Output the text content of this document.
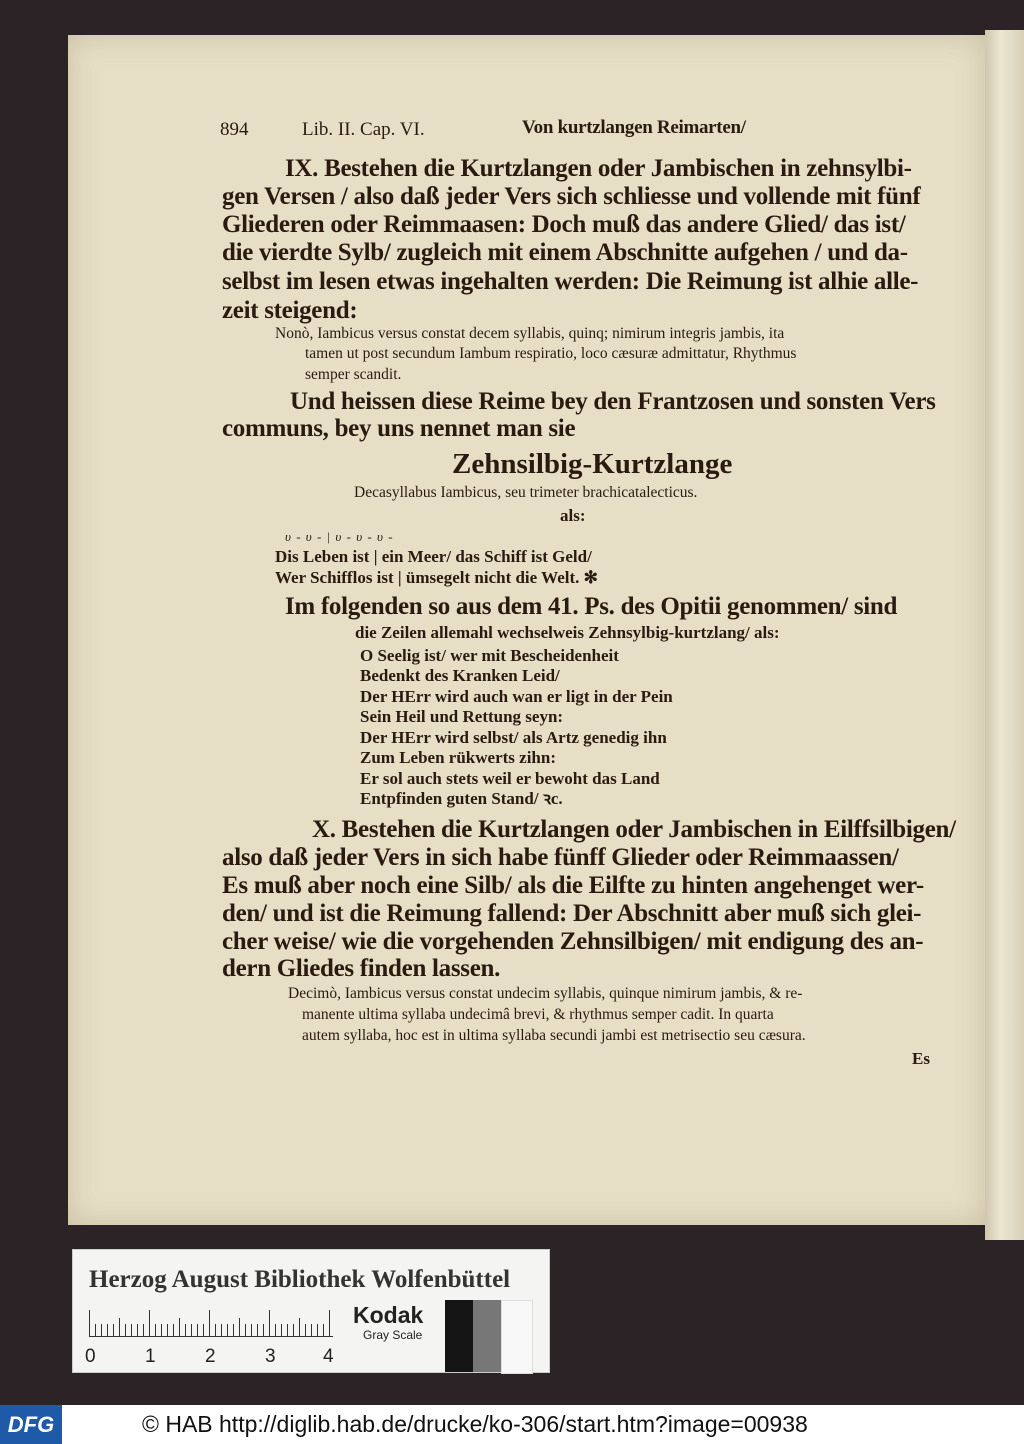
894	Lib. II. Cap. VI.	Von kurtzlangen Reimarten/
IX. Bestehen die Kurtzlangen oder Jambischen in zehnsylbi-
gen Versen / also daß jeder Vers sich schliesse und vollende mit fünf
Gliederen oder Reimmaasen: Doch muß das andere Glied/ das ist/
die vierdte Sylb/ zugleich mit einem Abschnitte aufgehen / und da-
selbst im lesen etwas ingehalten werden: Die Reimung ist alhie alle-
zeit steigend:
Nonò, Iambicus versus constat decem syllabis, quinq; nimirum integris jambis, ita
tamen ut post secundum Iambum respiratio, loco cæsuræ admittatur, Rhythmus
semper scandit.
Und heissen diese Reime bey den Frantzosen und sonsten Vers
communs, bey uns nennet man sie
Zehnsilbig-Kurtzlange
Decasyllabus Iambicus, seu trimeter brachicatalecticus.
als:
υ - υ - | υ - υ - υ -
Dis Leben ist | ein Meer/ das Schiff ist Geld/
Wer Schifflos ist | ümsegelt nicht die Welt. ✻
Im folgenden so aus dem 41. Ps. des Opitii genommen/ sind
die Zeilen allemahl wechselweis Zehnsylbig-kurtzlang/ als:
O Seelig ist/ wer mit Bescheidenheit
Bedenkt des Kranken Leid/
Der HErr wird auch wan er ligt in der Pein
Sein Heil und Rettung seyn:
Der HErr wird selbst/ als Artz genedig ihn
Zum Leben rükwerts zihn:
Er sol auch stets weil er bewoht das Land
Entpfinden guten Stand/ ꝛc.
X. Bestehen die Kurtzlangen oder Jambischen in Eilffsilbigen/
also daß jeder Vers in sich habe fünff Glieder oder Reimmaassen/
Es muß aber noch eine Silb/ als die Eilfte zu hinten angehenget wer-
den/ und ist die Reimung fallend: Der Abschnitt aber muß sich glei-
cher weise/ wie die vorgehenden Zehnsilbigen/ mit endigung des an-
dern Gliedes finden lassen.
Decimò, Iambicus versus constat undecim syllabis, quinque nimirum jambis, & re-
manente ultima syllaba undecimâ brevi, & rhythmus semper cadit. In quarta
autem syllaba, hoc est in ultima syllaba secundi jambi est metrisectio seu cæsura.
Es
Herzog August Bibliothek Wolfenbüttel
0	1	2	3 4
Kodak
Gray Scale
DFG	© HAB http://diglib.hab.de/drucke/ko-306/start.htm?image=00938
